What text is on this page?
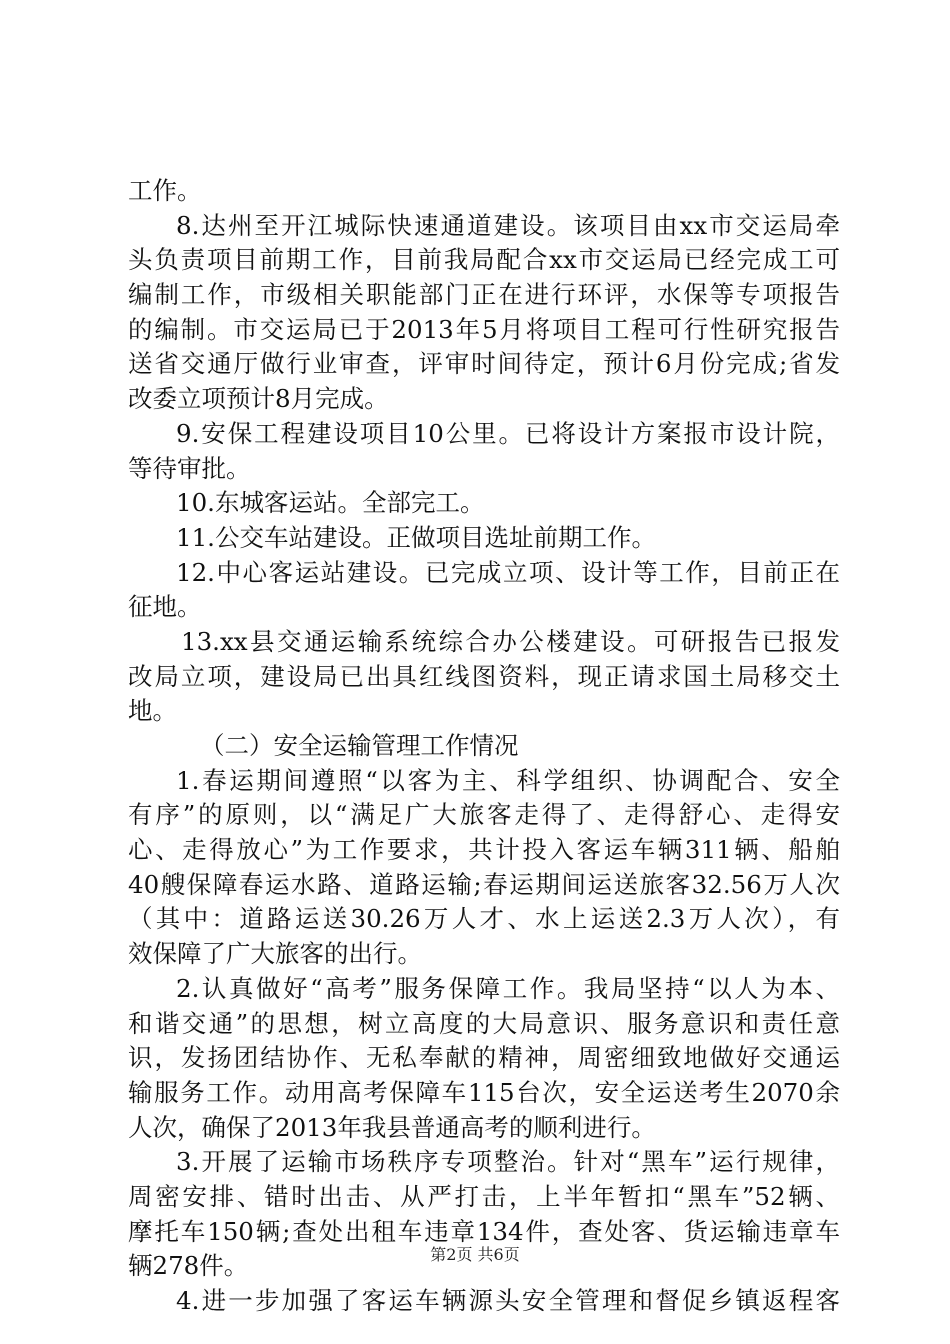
工作。
8.达州至开江城际快速通道建设。该项目由xx市交运局牵
头负责项目前期工作，目前我局配合xx市交运局已经完成工可
编制工作，市级相关职能部门正在进行环评，水保等专项报告
的编制。市交运局已于2013年5月将项目工程可行性研究报告
送省交通厅做行业审查，评审时间待定，预计6月份完成;省发
改委立项预计8月完成。
9.安保工程建设项目10公里。已将设计方案报市设计院，
等待审批。
10.东城客运站。全部完工。
11.公交车站建设。正做项目选址前期工作。
12.中心客运站建设。已完成立项、设计等工作，目前正在
征地。
13.xx县交通运输系统综合办公楼建设。可研报告已报发
改局立项，建设局已出具红线图资料，现正请求国土局移交土
地。
（二）安全运输管理工作情况
1.春运期间遵照“以客为主、科学组织、协调配合、安全
有序”的原则，以“满足广大旅客走得了、走得舒心、走得安
心、走得放心”为工作要求，共计投入客运车辆311辆、船舶
40艘保障春运水路、道路运输;春运期间运送旅客32.56万人次
（其中：道路运送30.26万人才、水上运送2.3万人次），有
效保障了广大旅客的出行。
2.认真做好“高考”服务保障工作。我局坚持“以人为本、
和谐交通”的思想，树立高度的大局意识、服务意识和责任意
识，发扬团结协作、无私奉献的精神，周密细致地做好交通运
输服务工作。动用高考保障车115台次，安全运送考生2070余
人次，确保了2013年我县普通高考的顺利进行。
3.开展了运输市场秩序专项整治。针对“黑车”运行规律，
周密安排、错时出击、从严打击，上半年暂扣“黑车”52辆、
摩托车150辆;查处出租车违章134件，查处客、货运输违章车
辆278件。
4.进一步加强了客运车辆源头安全管理和督促乡镇返程客
第2页 共6页
